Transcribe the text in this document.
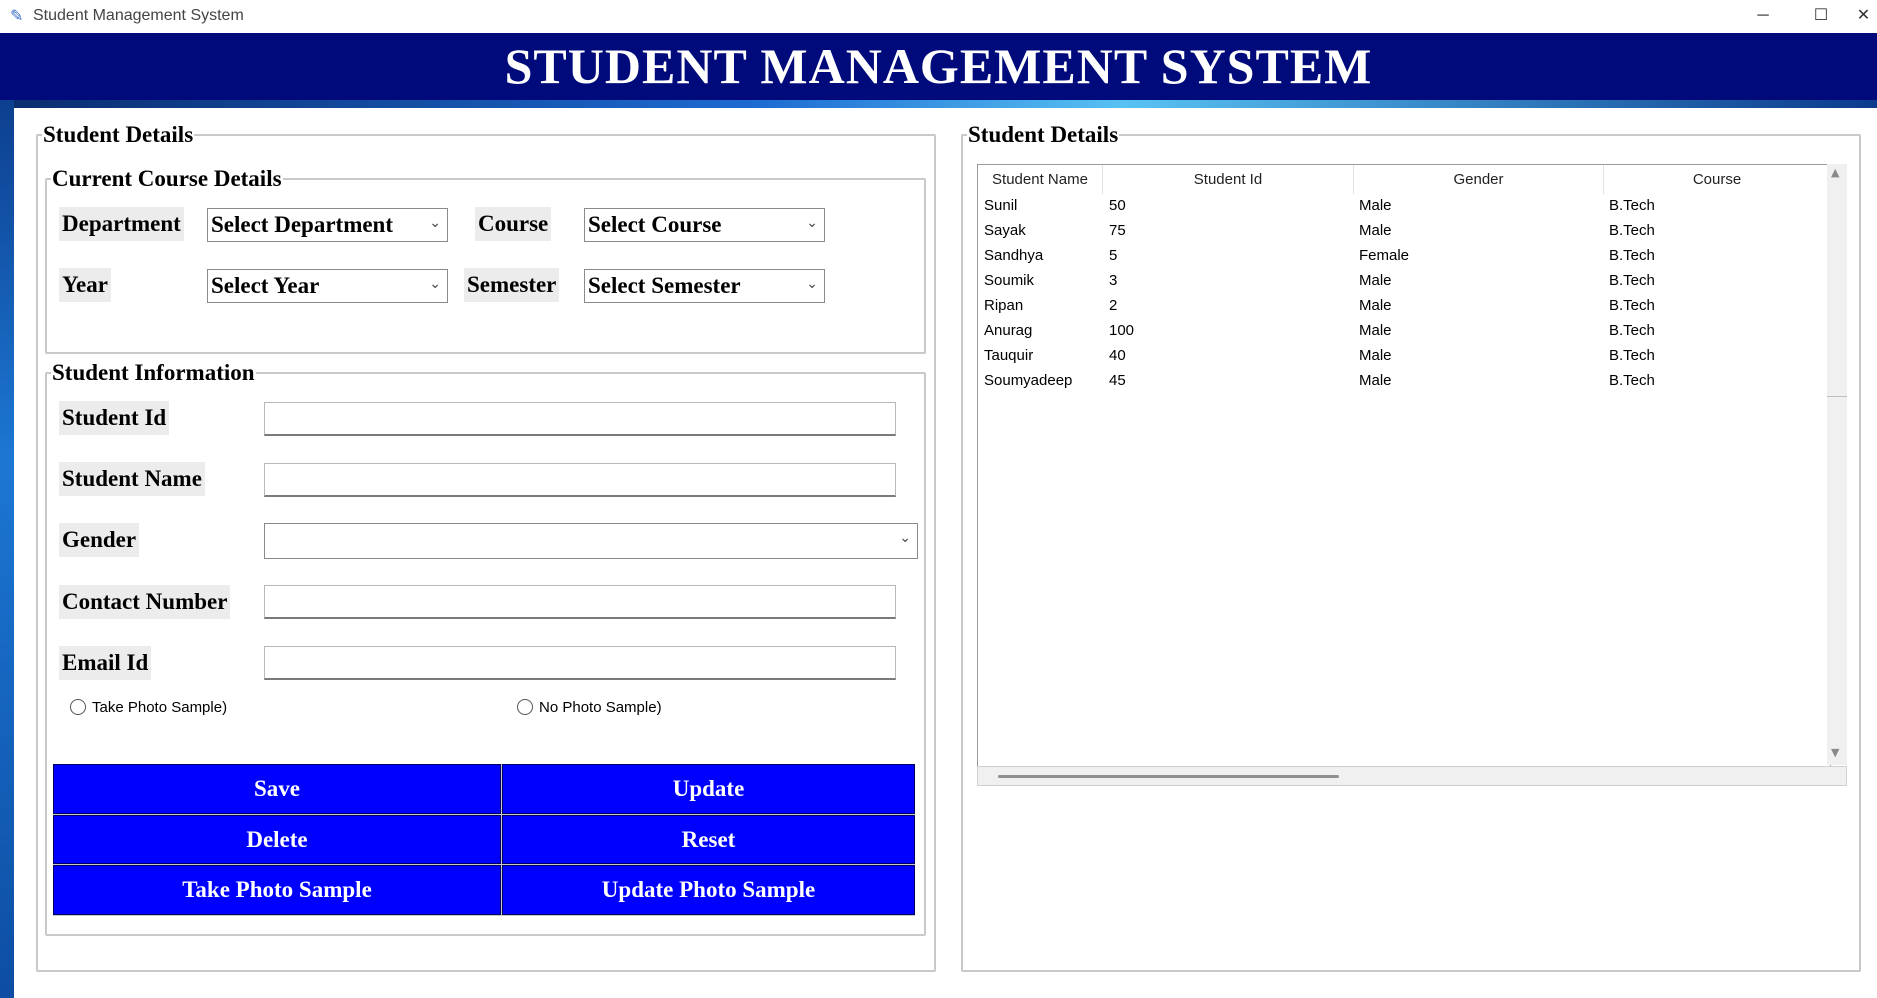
✎ Student Management System	─	☐	✕
STUDENT MANAGEMENT SYSTEM
Student Details
Current Course Details
Department Select Department	⌄ Course Select Course	⌄
Year	Select Year	⌄ Semester Select Semester	⌄
Student Information
Student Id
Student Name
Gender	⌄
Contact Number
Email Id
Take Photo Sample)	No Photo Sample)
Save	Update
Delete	Reset
Take Photo Sample	Update Photo Sample
Student Details
Student Name	Student Id	Gender	Course
Sunil	50	Male	B.Tech
Sayak	75	Male	B.Tech
Sandhya	5	Female	B.Tech
Soumik	3	Male	B.Tech
Ripan	2	Male	B.Tech
Anurag	100	Male	B.Tech
Tauquir	40	Male	B.Tech
Soumyadeep 45	Male	B.Tech
▲
▼
